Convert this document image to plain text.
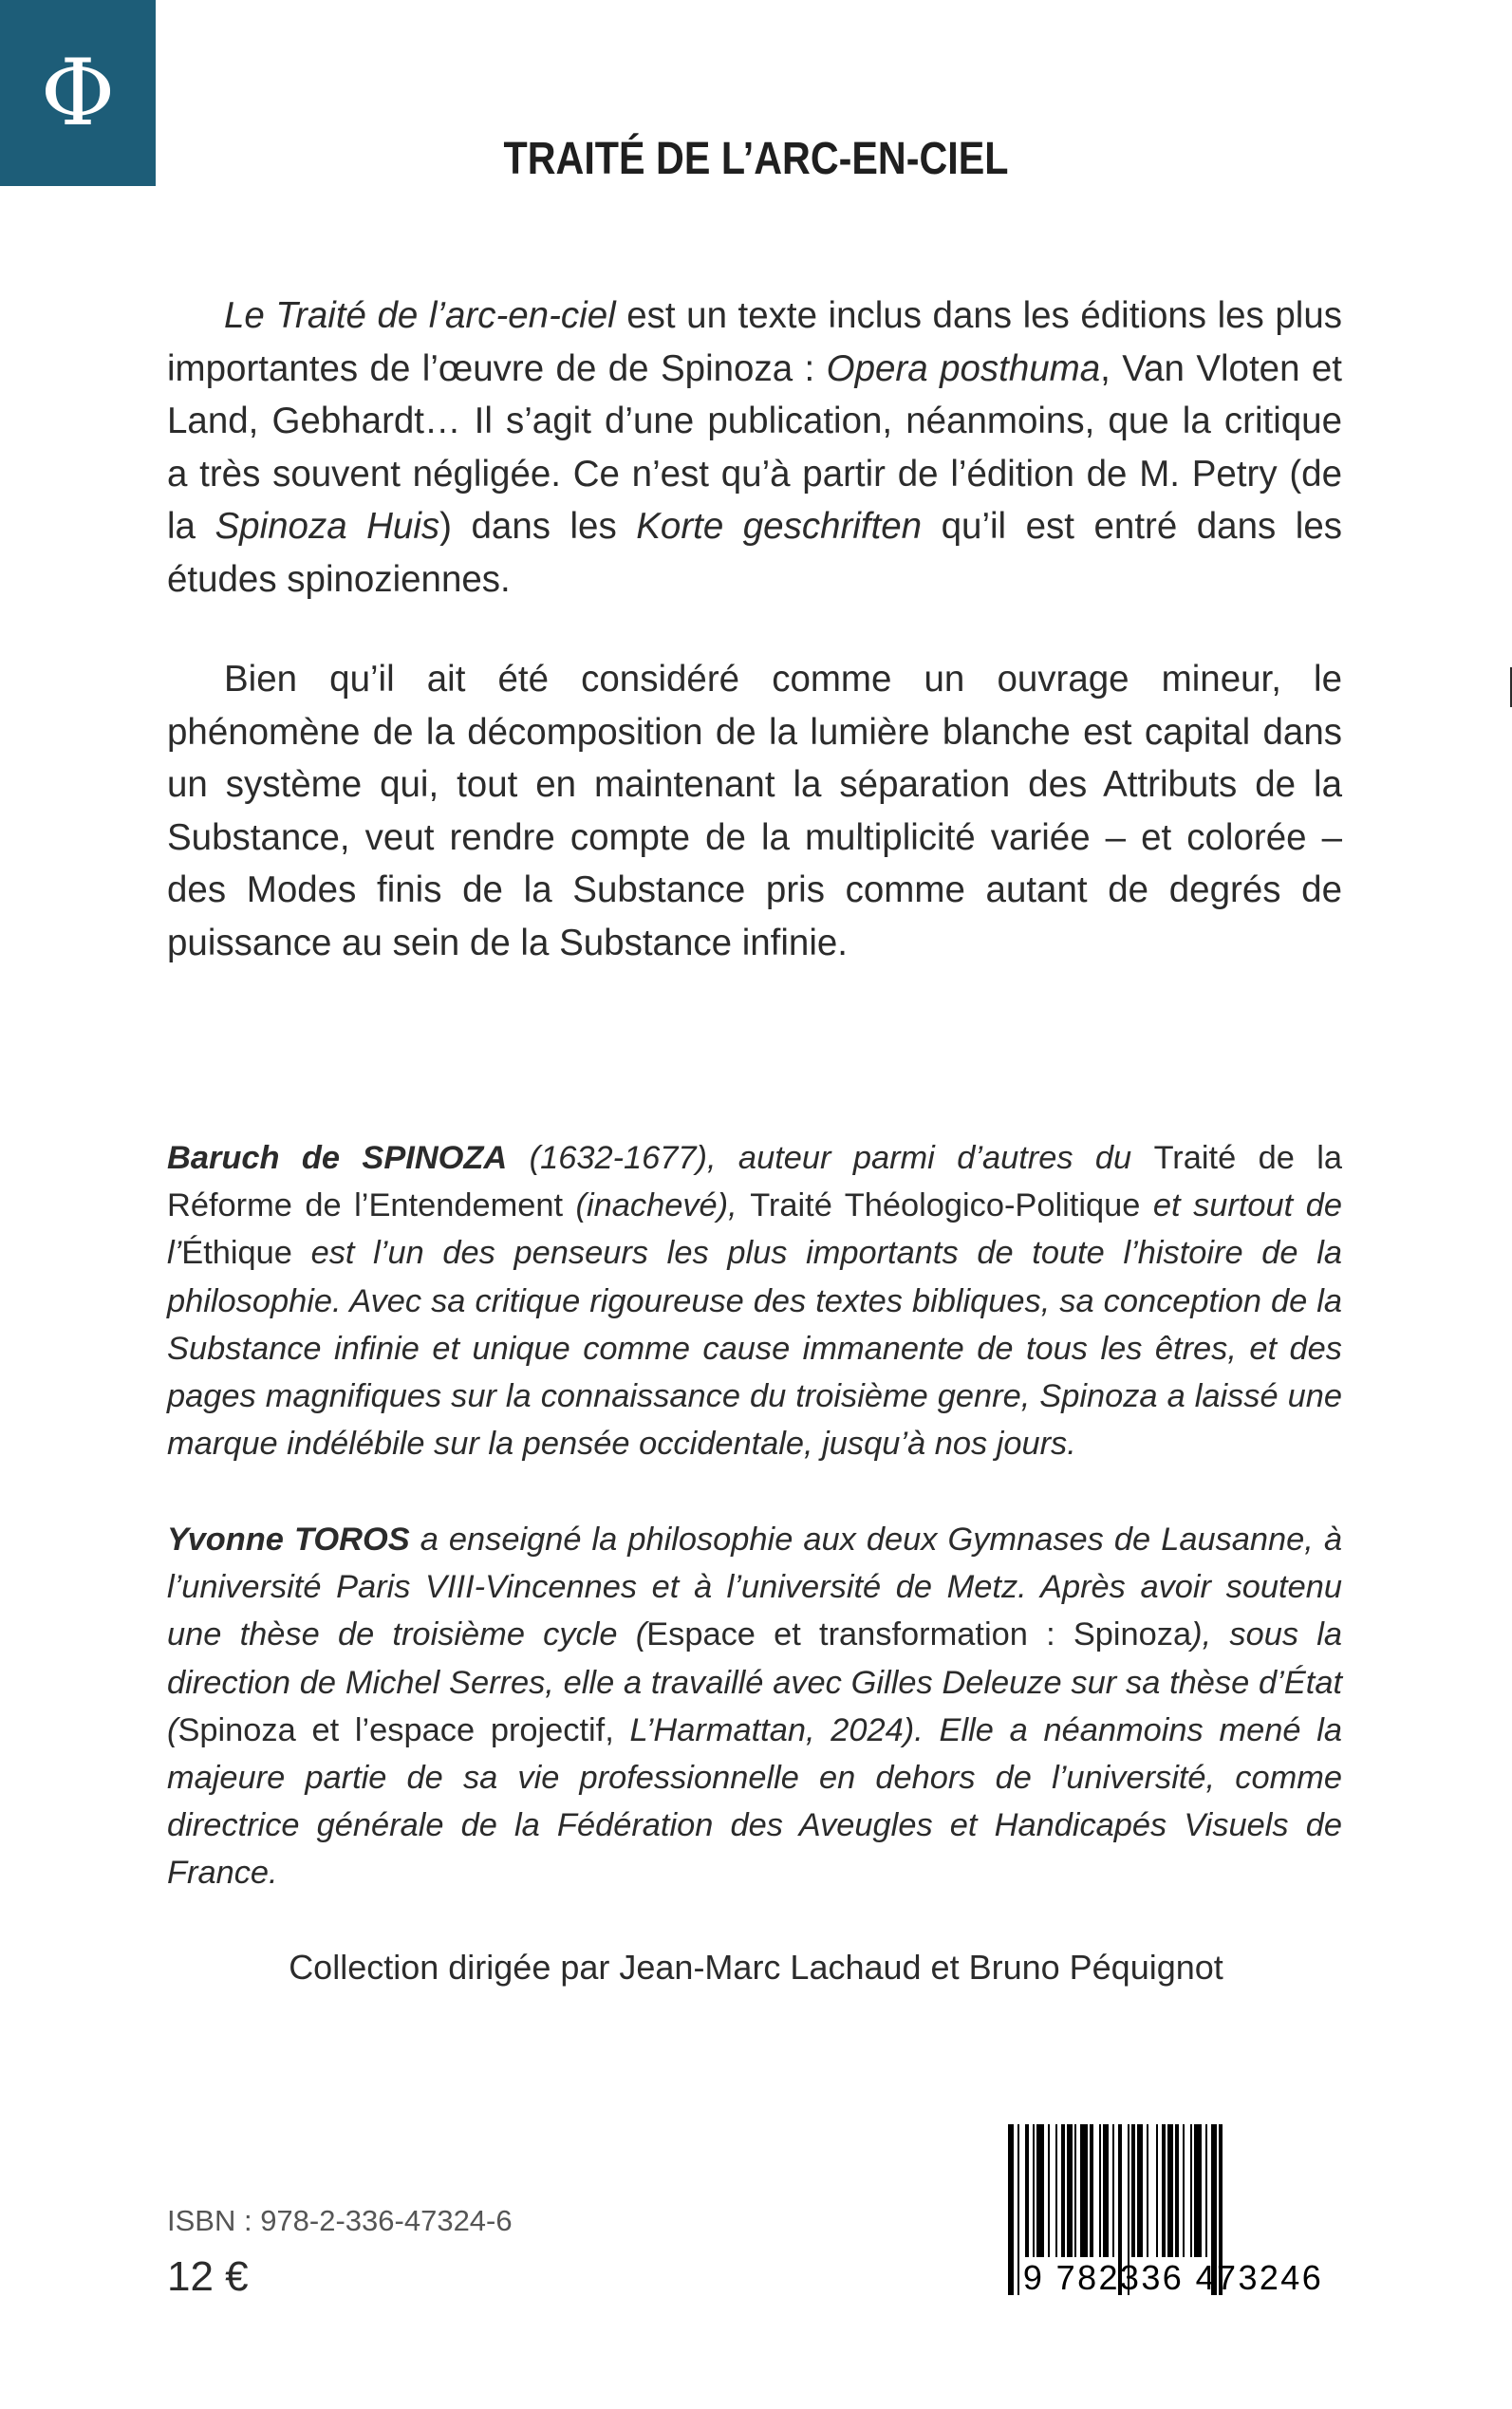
Φ
TRAITÉ DE L’ARC-EN-CIEL

Le Traité de l’arc-en-ciel est un texte inclus dans les éditions les plus importantes de l’œuvre de de Spinoza : Opera posthuma, Van Vloten et Land, Gebhardt… Il s’agit d’une publication, néanmoins, que la critique a très souvent négligée. Ce n’est qu’à partir de l’édition de M. Petry (de la Spinoza Huis) dans les Korte geschriften qu’il est entré dans les études spinoziennes.

Bien qu’il ait été considéré comme un ouvrage mineur, le phénomène de la décomposition de la lumière blanche est capital dans un système qui, tout en maintenant la séparation des Attributs de la Substance, veut rendre compte de la multiplicité variée – et colorée – des Modes finis de la Substance pris comme autant de degrés de puissance au sein de la Substance infinie.

Baruch de SPINOZA (1632-1677), auteur parmi d’autres du Traité de la Réforme de l’Entendement (inachevé), Traité Théologico-Politique et surtout de l’Éthique est l’un des penseurs les plus importants de toute l’histoire de la philosophie. Avec sa critique rigoureuse des textes bibliques, sa conception de la Substance infinie et unique comme cause immanente de tous les êtres, et des pages magnifiques sur la connaissance du troisième genre, Spinoza a laissé une marque indélébile sur la pensée occidentale, jusqu’à nos jours.

Yvonne TOROS a enseigné la philosophie aux deux Gymnases de Lausanne, à l’université Paris VIII-Vincennes et à l’université de Metz. Après avoir soutenu une thèse de troisième cycle (Espace et transformation : Spinoza), sous la direction de Michel Serres, elle a travaillé avec Gilles Deleuze sur sa thèse d’État (Spinoza et l’espace projectif, L’Harmattan, 2024). Elle a néanmoins mené la majeure partie de sa vie professionnelle en dehors de l’université, comme directrice générale de la Fédération des Aveugles et Handicapés Visuels de France.

Collection dirigée par Jean-Marc Lachaud et Bruno Péquignot
ISBN : 978-2-336-47324-6
12 €	9 782336 473246
